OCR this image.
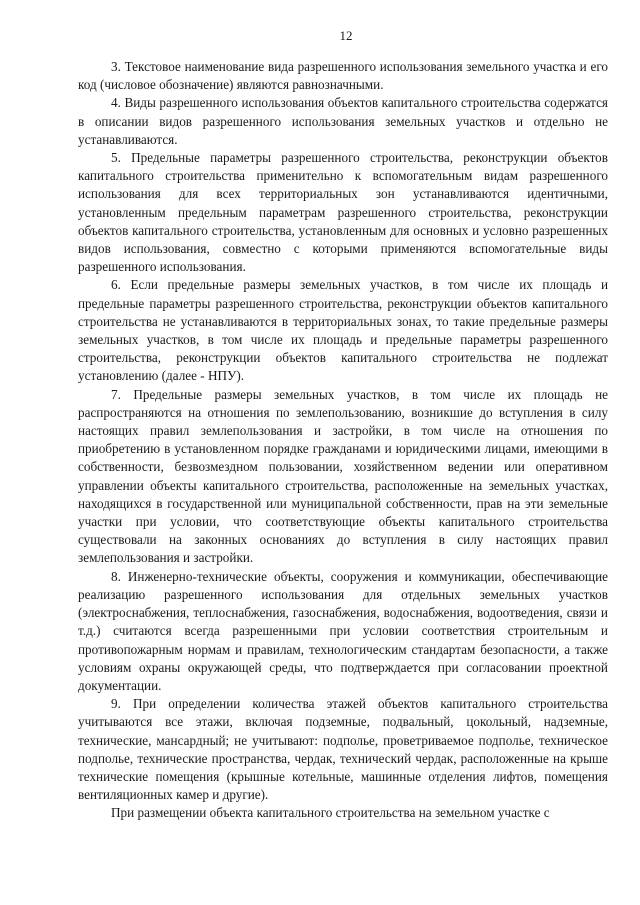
12

3. Текстовое наименование вида разрешенного использования земельного участка и его код (числовое обозначение) являются равнозначными.

4. Виды разрешенного использования объектов капитального строительства содержатся в описании видов разрешенного использования земельных участков и отдельно не устанавливаются.

5. Предельные параметры разрешенного строительства, реконструкции объектов капитального строительства применительно к вспомогательным видам разрешенного использования для всех территориальных зон устанавливаются идентичными, установленным предельным параметрам разрешенного строительства, реконструкции объектов капитального строительства, установленным для основных и условно разрешенных видов использования, совместно с которыми применяются вспомогательные виды разрешенного использования.

6. Если предельные размеры земельных участков, в том числе их площадь и предельные параметры разрешенного строительства, реконструкции объектов капитального строительства не устанавливаются в территориальных зонах, то такие предельные размеры земельных участков, в том числе их площадь и предельные параметры разрешенного строительства, реконструкции объектов капитального строительства не подлежат установлению (далее - НПУ).

7. Предельные размеры земельных участков, в том числе их площадь не распространяются на отношения по землепользованию, возникшие до вступления в силу настоящих правил землепользования и застройки, в том числе на отношения по приобретению в установленном порядке гражданами и юридическими лицами, имеющими в собственности, безвозмездном пользовании, хозяйственном ведении или оперативном управлении объекты капитального строительства, расположенные на земельных участках, находящихся в государственной или муниципальной собственности, прав на эти земельные участки при условии, что соответствующие объекты капитального строительства существовали на законных основаниях до вступления в силу настоящих правил землепользования и застройки.

8. Инженерно-технические объекты, сооружения и коммуникации, обеспечивающие реализацию разрешенного использования для отдельных земельных участков (электроснабжения, теплоснабжения, газоснабжения, водоснабжения, водоотведения, связи и т.д.) считаются всегда разрешенными при условии соответствия строительным и противопожарным нормам и правилам, технологическим стандартам безопасности, а также условиям охраны окружающей среды, что подтверждается при согласовании проектной документации.

9. При определении количества этажей объектов капитального строительства учитываются все этажи, включая подземные, подвальный, цокольный, надземные, технические, мансардный; не учитывают: подполье, проветриваемое подполье, техническое подполье, технические пространства, чердак, технический чердак, расположенные на крыше технические помещения (крышные котельные, машинные отделения лифтов, помещения вентиляционных камер и другие).

При размещении объекта капитального строительства на земельном участке с
